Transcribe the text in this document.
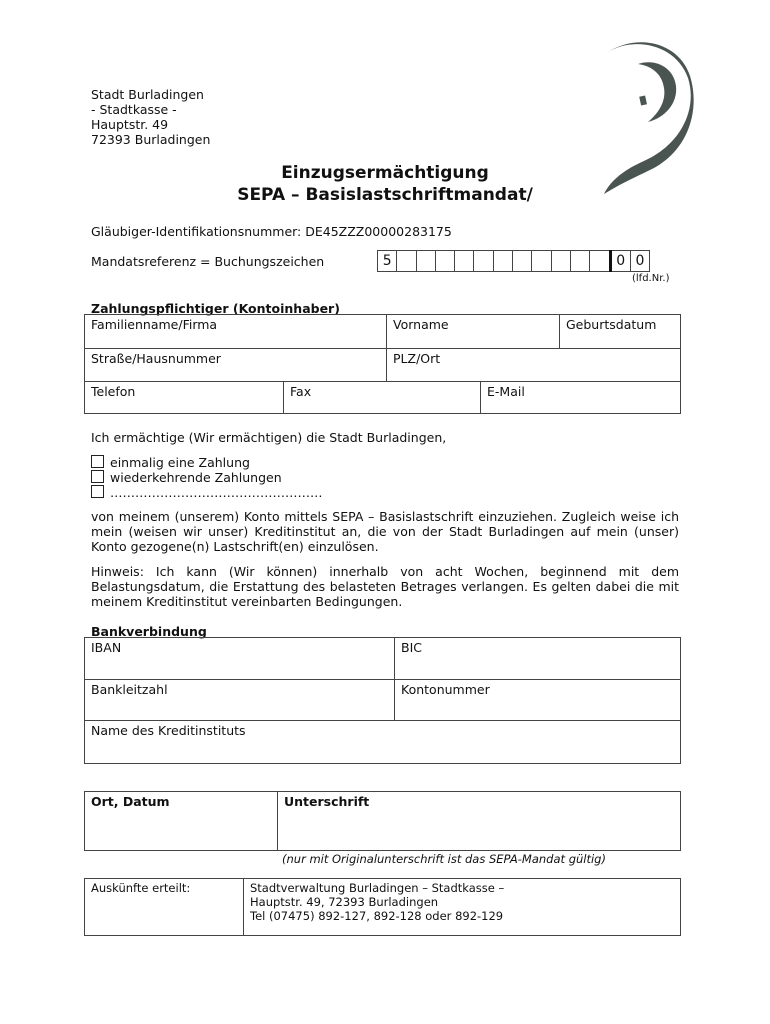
Stadt Burladingen
- Stadtkasse -
Hauptstr. 49
72393 Burladingen
Einzugsermächtigung
SEPA – Basislastschriftmandat/
Gläubiger-Identifikationsnummer: DE45ZZZ00000283175
Mandatsreferenz = Buchungszeichen	5												0	0
(lfd.Nr.)
Zahlungspflichtiger (Kontoinhaber)
Familienname/Firma	Vorname	Geburtsdatum
Straße/Hausnummer	PLZ/Ort
Telefon	Fax	E-Mail
Ich ermächtige (Wir ermächtigen) die Stadt Burladingen,
einmalig eine Zahlung
wiederkehrende Zahlungen
……………………………………………
von meinem (unserem) Konto mittels SEPA – Basislastschrift einzuziehen. Zugleich weise ich mein (weisen wir unser) Kreditinstitut an, die von der Stadt Burladingen auf mein (unser) Konto gezogene(n) Lastschrift(en) einzulösen.
Hinweis: Ich kann (Wir können) innerhalb von acht Wochen, beginnend mit dem Belastungsdatum, die Erstattung des belasteten Betrages verlangen. Es gelten dabei die mit meinem Kreditinstitut vereinbarten Bedingungen.
Bankverbindung
IBAN	BIC
Bankleitzahl	Kontonummer
Name des Kreditinstituts	
Ort, Datum	Unterschrift
(nur mit Originalunterschrift ist das SEPA-Mandat gültig)
Auskünfte erteilt:	Stadtverwaltung Burladingen – Stadtkasse –
Hauptstr. 49, 72393 Burladingen
Tel (07475) 892-127, 892-128 oder 892-129
